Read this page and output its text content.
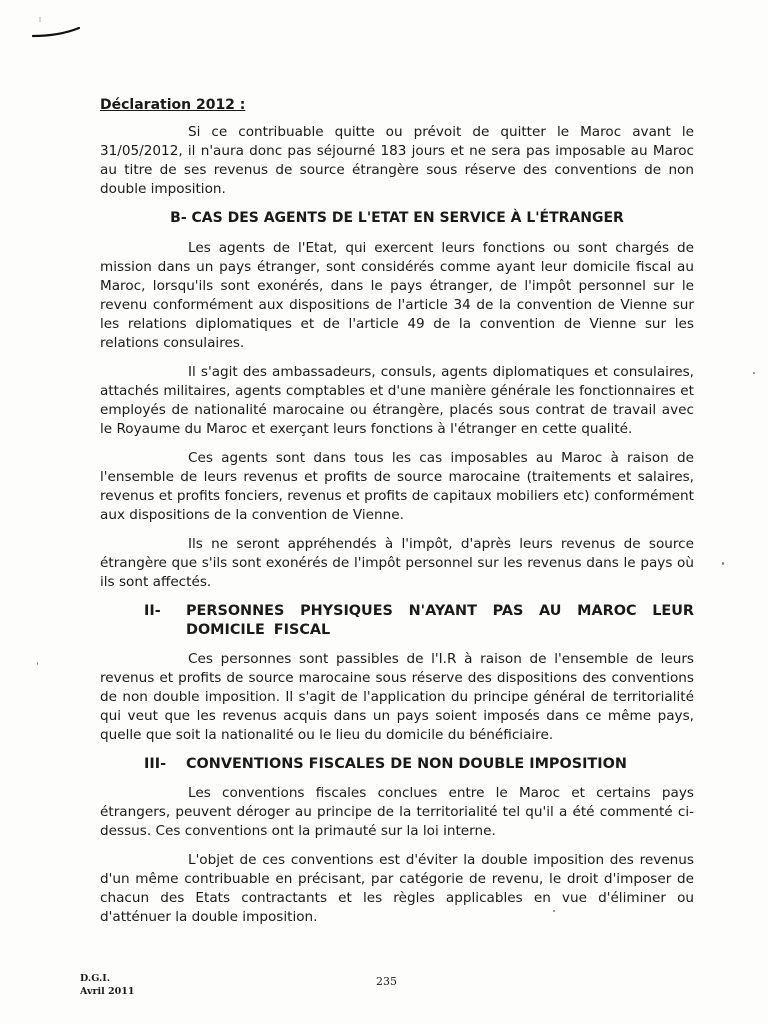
Déclaration 2012 :

Si ce contribuable quitte ou prévoit de quitter le Maroc avant le 31/05/2012, il n'aura donc pas séjourné 183 jours et ne sera pas imposable au Maroc au titre de ses revenus de source étrangère sous réserve des conventions de non double imposition.

B- CAS DES AGENTS DE L'ETAT EN SERVICE À L'ÉTRANGER

Les agents de l'Etat, qui exercent leurs fonctions ou sont chargés de mission dans un pays étranger, sont considérés comme ayant leur domicile fiscal au Maroc, lorsqu'ils sont exonérés, dans le pays étranger, de l'impôt personnel sur le revenu conformément aux dispositions de l'article 34 de la convention de Vienne sur les relations diplomatiques et de l'article 49 de la convention de Vienne sur les relations consulaires.

Il s'agit des ambassadeurs, consuls, agents diplomatiques et consulaires, attachés militaires, agents comptables et d'une manière générale les fonctionnaires et employés de nationalité marocaine ou étrangère, placés sous contrat de travail avec le Royaume du Maroc et exerçant leurs fonctions à l'étranger en cette qualité.

Ces agents sont dans tous les cas imposables au Maroc à raison de l'ensemble de leurs revenus et profits de source marocaine (traitements et salaires, revenus et profits fonciers, revenus et profits de capitaux mobiliers etc) conformément aux dispositions de la convention de Vienne.

Ils ne seront appréhendés à l'impôt, d'après leurs revenus de source étrangère que s'ils sont exonérés de l'impôt personnel sur les revenus dans le pays où ils sont affectés.

II-	PERSONNES PHYSIQUES N'AYANT PAS AU MAROC LEUR DOMICILE FISCAL

Ces personnes sont passibles de l'I.R à raison de l'ensemble de leurs revenus et profits de source marocaine sous réserve des dispositions des conventions de non double imposition. Il s'agit de l'application du principe général de territorialité qui veut que les revenus acquis dans un pays soient imposés dans ce même pays, quelle que soit la nationalité ou le lieu du domicile du bénéficiaire.

III-	CONVENTIONS FISCALES DE NON DOUBLE IMPOSITION

Les conventions fiscales conclues entre le Maroc et certains pays étrangers, peuvent déroger au principe de la territorialité tel qu'il a été commenté ci-dessus. Ces conventions ont la primauté sur la loi interne.

L'objet de ces conventions est d'éviter la double imposition des revenus d'un même contribuable en précisant, par catégorie de revenu, le droit d'imposer de chacun des Etats contractants et les règles applicables en vue d'éliminer ou d'atténuer la double imposition.

D.G.I.
Avril 2011
235
